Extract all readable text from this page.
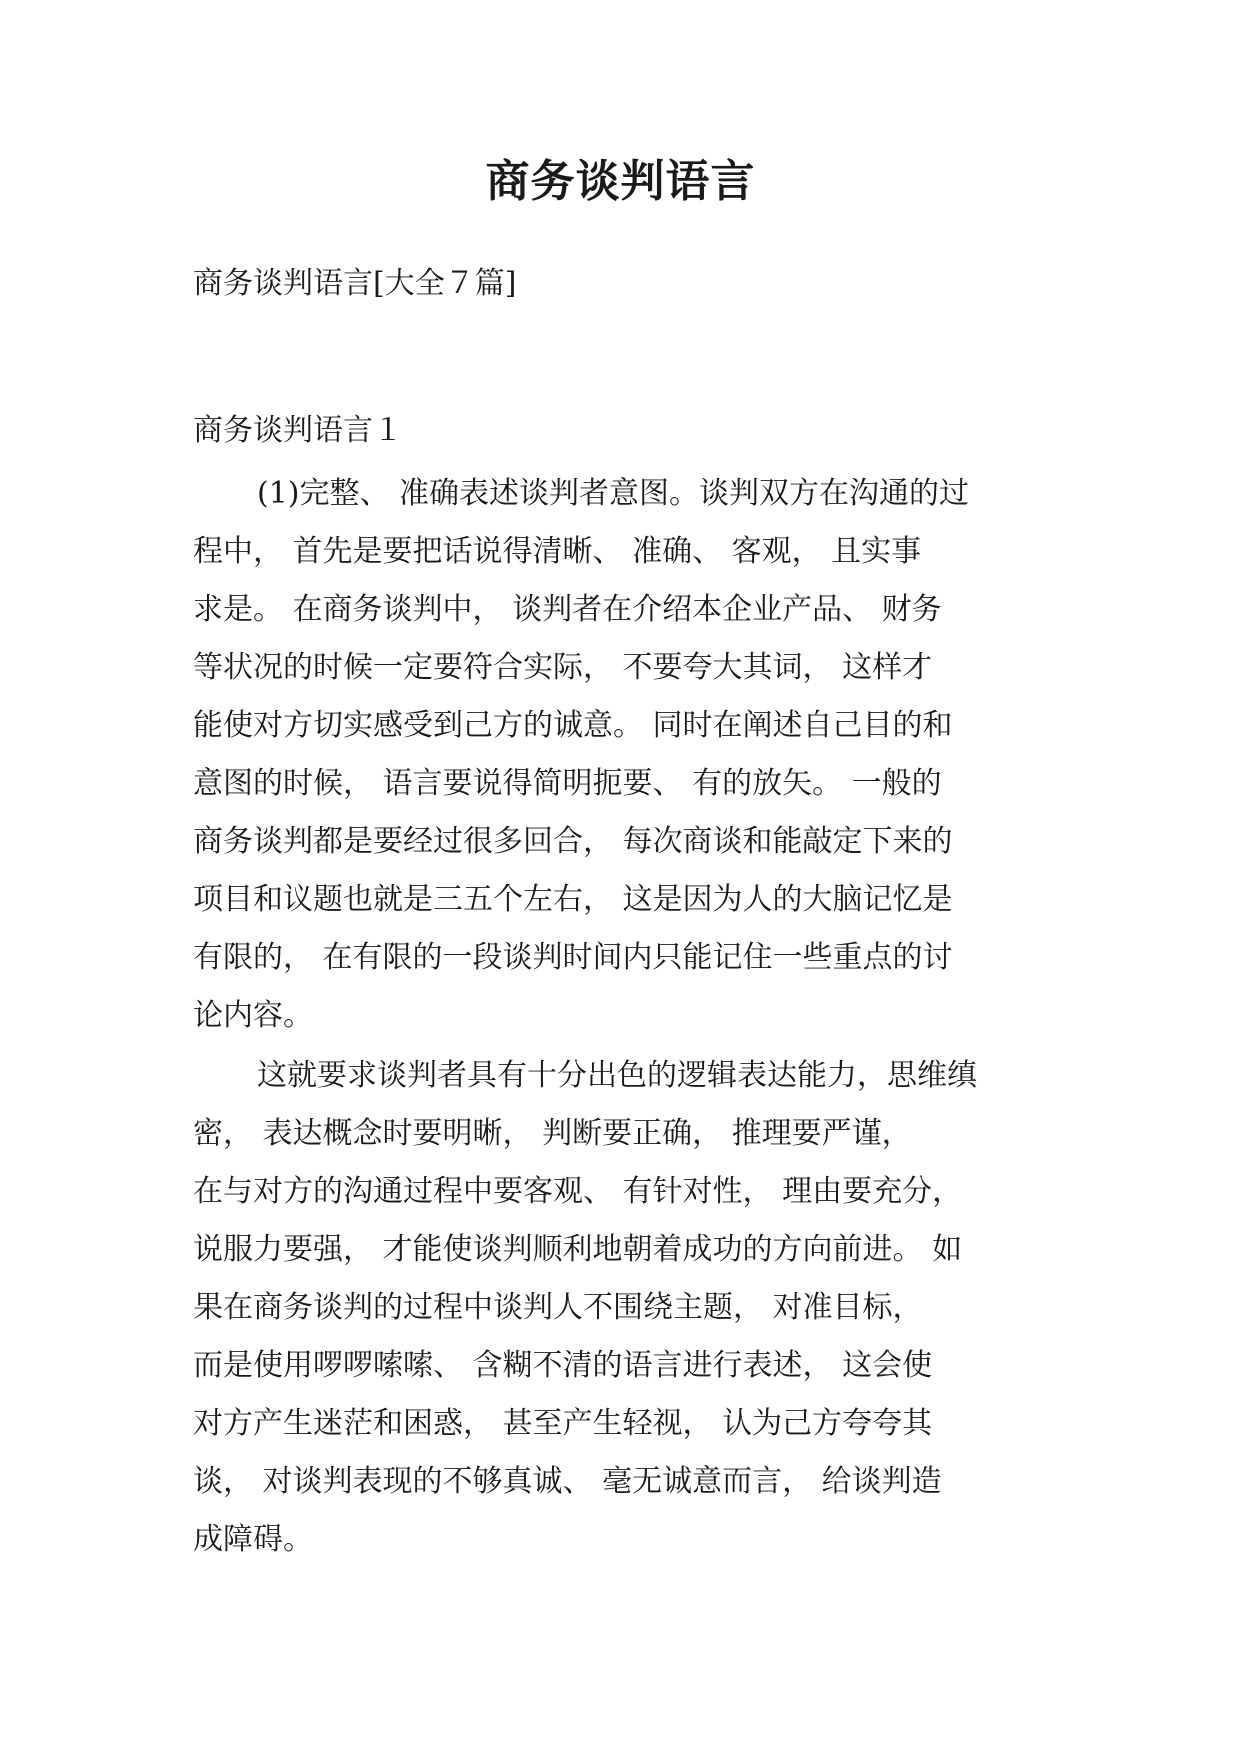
商务谈判语言

商务谈判语言[大全７篇]

商务谈判语言１

(1)完整、 准确表述谈判者意图。谈判双方在沟通的过
程中， 首先是要把话说得清晰、 准确、 客观， 且实事
求是。 在商务谈判中， 谈判者在介绍本企业产品、 财务
等状况的时候一定要符合实际， 不要夸大其词， 这样才
能使对方切实感受到己方的诚意。 同时在阐述自己目的和
意图的时候， 语言要说得简明扼要、 有的放矢。 一般的
商务谈判都是要经过很多回合， 每次商谈和能敲定下来的
项目和议题也就是三五个左右， 这是因为人的大脑记忆是
有限的， 在有限的一段谈判时间内只能记住一些重点的讨
论内容。
这就要求谈判者具有十分出色的逻辑表达能力，思维缜
密， 表达概念时要明晰， 判断要正确， 推理要严谨，
在与对方的沟通过程中要客观、 有针对性， 理由要充分，
说服力要强， 才能使谈判顺利地朝着成功的方向前进。 如
果在商务谈判的过程中谈判人不围绕主题， 对准目标，
而是使用啰啰嗦嗦、 含糊不清的语言进行表述， 这会使
对方产生迷茫和困惑， 甚至产生轻视， 认为己方夸夸其
谈， 对谈判表现的不够真诚、 毫无诚意而言， 给谈判造
成障碍。
